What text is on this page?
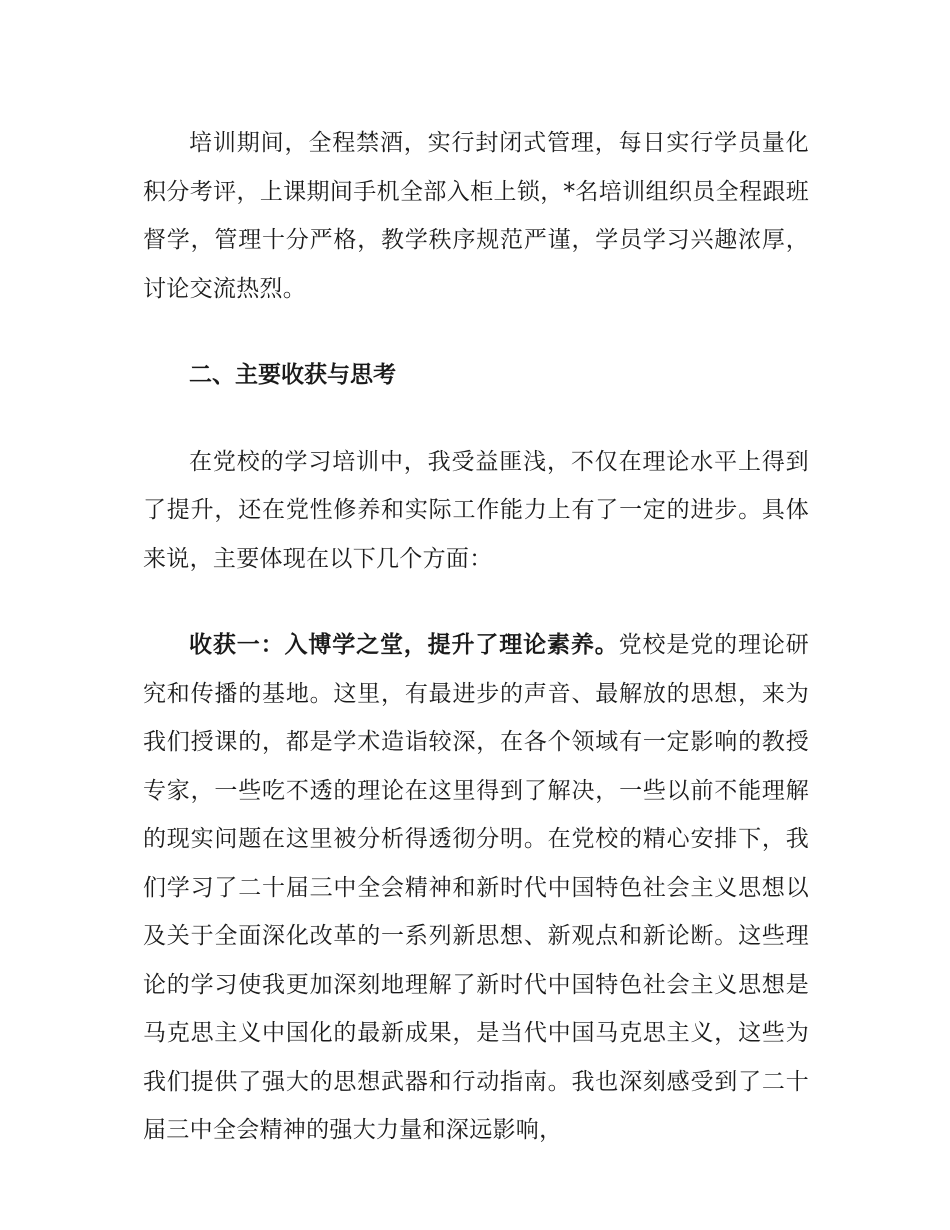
培训期间，全程禁酒，实行封闭式管理，每日实行学员量化积分考评，上课期间手机全部入柜上锁，*名培训组织员全程跟班督学，管理十分严格，教学秩序规范严谨，学员学习兴趣浓厚，讨论交流热烈。

二、主要收获与思考

在党校的学习培训中，我受益匪浅，不仅在理论水平上得到了提升，还在党性修养和实际工作能力上有了一定的进步。具体来说，主要体现在以下几个方面：

收获一：入博学之堂，提升了理论素养。党校是党的理论研究和传播的基地。这里，有最进步的声音、最解放的思想，来为我们授课的，都是学术造诣较深，在各个领域有一定影响的教授专家，一些吃不透的理论在这里得到了解决，一些以前不能理解的现实问题在这里被分析得透彻分明。在党校的精心安排下，我们学习了二十届三中全会精神和新时代中国特色社会主义思想以及关于全面深化改革的一系列新思想、新观点和新论断。这些理论的学习使我更加深刻地理解了新时代中国特色社会主义思想是马克思主义中国化的最新成果，是当代中国马克思主义，这些为我们提供了强大的思想武器和行动指南。我也深刻感受到了二十届三中全会精神的强大力量和深远影响，
